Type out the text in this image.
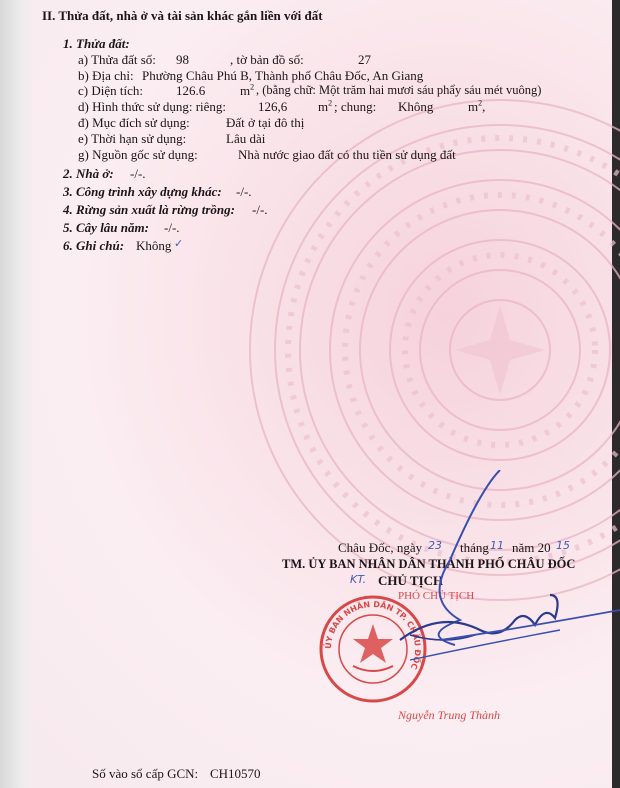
II. Thửa đất, nhà ở và tài sản khác gắn liền với đất
1. Thửa đất:
a) Thửa đất số: 98	, tờ bản đồ số:	27
b) Địa chỉ: Phường Châu Phú B, Thành phố Châu Đốc, An Giang
c) Diện tích:	126.6	$m^2$ , (bằng chữ: Một trăm hai mươi sáu phẩy sáu mét vuông)
d) Hình thức sử dụng: riêng: 126,6 $m^2$ ; chung: Không	$m^2$,
đ) Mục đích sử dụng:	Đất ở tại đô thị
e) Thời hạn sử dụng:	Lâu dài
g) Nguồn gốc sử dụng:	Nhà nước giao đất có thu tiền sử dụng đất
2. Nhà ở: -/-.
3. Công trình xây dựng khác: -/-.
4. Rừng sản xuất là rừng trồng: -/-.
5. Cây lâu năm: -/-.
6. Ghi chú: Không ✓
Châu Đốc, ngày 23 tháng 11 năm 20 15
TM. ỦY BAN NHÂN DÂN THÀNH PHỐ CHÂU ĐỐC
KT. CHỦ TỊCH
PHÓ CHỦ TỊCH
ỦY BAN NHÂN DÂN TP. CHÂU ĐỐC
Nguyễn Trung Thành
Số vào sổ cấp GCN: CH10570
